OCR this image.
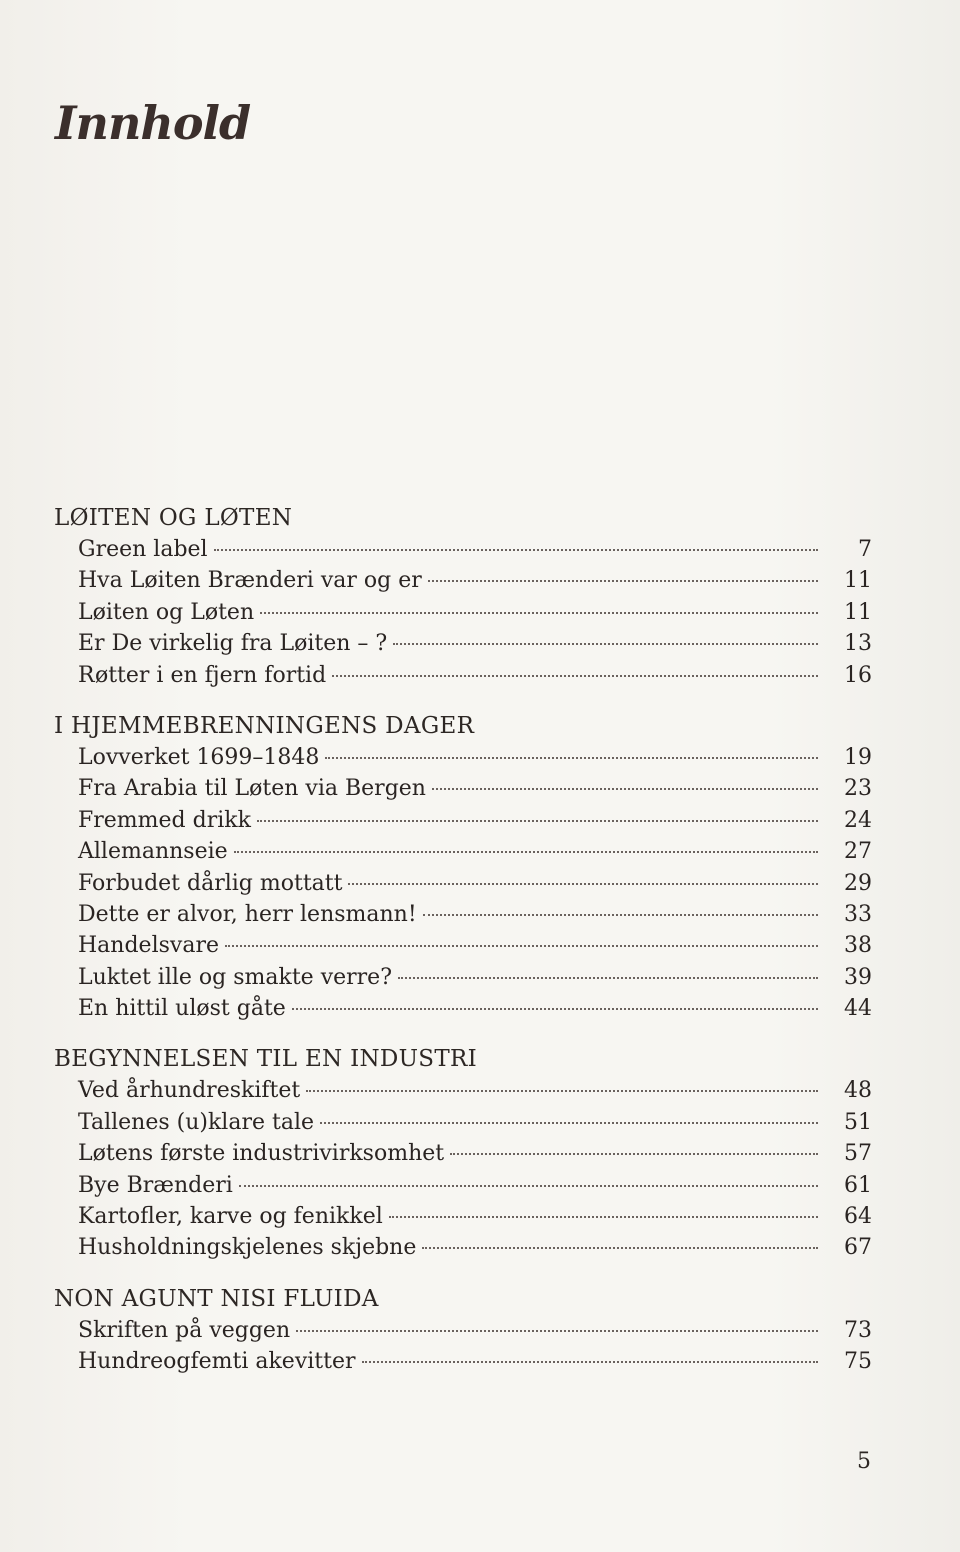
Innhold
LØITEN OG LØTEN
Green label	7
Hva Løiten Brænderi var og er	11
Løiten og Løten	11
Er De virkelig fra Løiten – ?	13
Røtter i en fjern fortid	16
I HJEMMEBRENNINGENS DAGER
Lovverket 1699–1848	19
Fra Arabia til Løten via Bergen	23
Fremmed drikk	24
Allemannseie	27
Forbudet dårlig mottatt	29
Dette er alvor, herr lensmann!	33
Handelsvare	38
Luktet ille og smakte verre?	39
En hittil uløst gåte	44
BEGYNNELSEN TIL EN INDUSTRI
Ved århundreskiftet	48
Tallenes (u)klare tale	51
Løtens første industrivirksomhet	57
Bye Brænderi	61
Kartofler, karve og fenikkel	64
Husholdningskjelenes skjebne	67
NON AGUNT NISI FLUIDA
Skriften på veggen	73
Hundreogfemti akevitter	75
5
